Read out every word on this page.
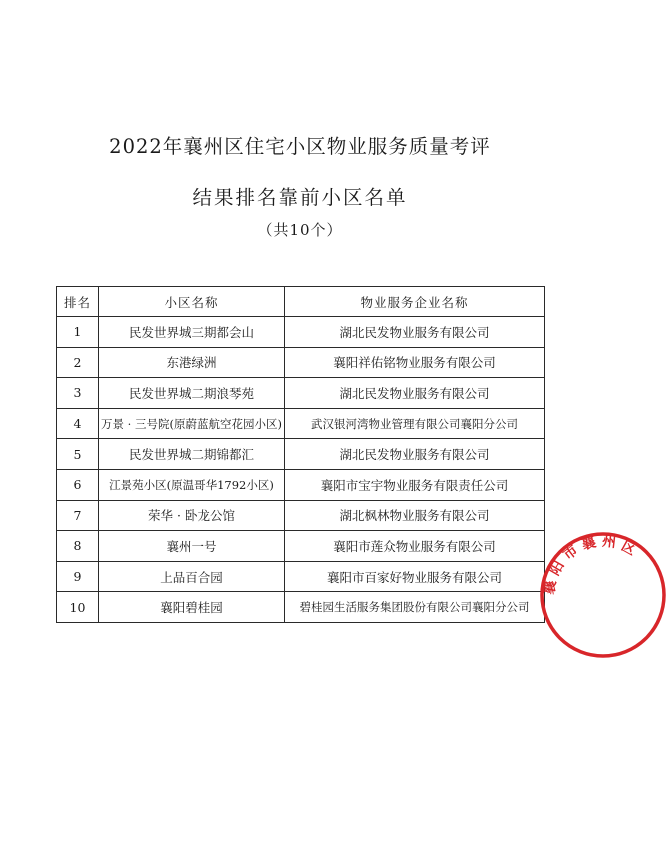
2022年襄州区住宅小区物业服务质量考评
结果排名靠前小区名单
（共10个）
排名	小区名称	物业服务企业名称
1	民发世界城三期都会山	湖北民发物业服务有限公司
2	东港绿洲	襄阳祥佑铭物业服务有限公司
3	民发世界城二期浪琴苑	湖北民发物业服务有限公司
4	万景 · 三号院(原蔚蓝航空花园小区)	武汉银河湾物业管理有限公司襄阳分公司
5	民发世界城二期锦都汇	湖北民发物业服务有限公司
6	江景苑小区(原温哥华1792小区)	襄阳市宝宇物业服务有限责任公司
7	荣华 · 卧龙公馆	湖北枫林物业服务有限公司
8	襄州一号	襄阳市莲众物业服务有限公司
9	上品百合园	襄阳市百家好物业服务有限公司
10	襄阳碧桂园	碧桂园生活服务集团股份有限公司襄阳分公司
襄 阳 市 襄 州 区
